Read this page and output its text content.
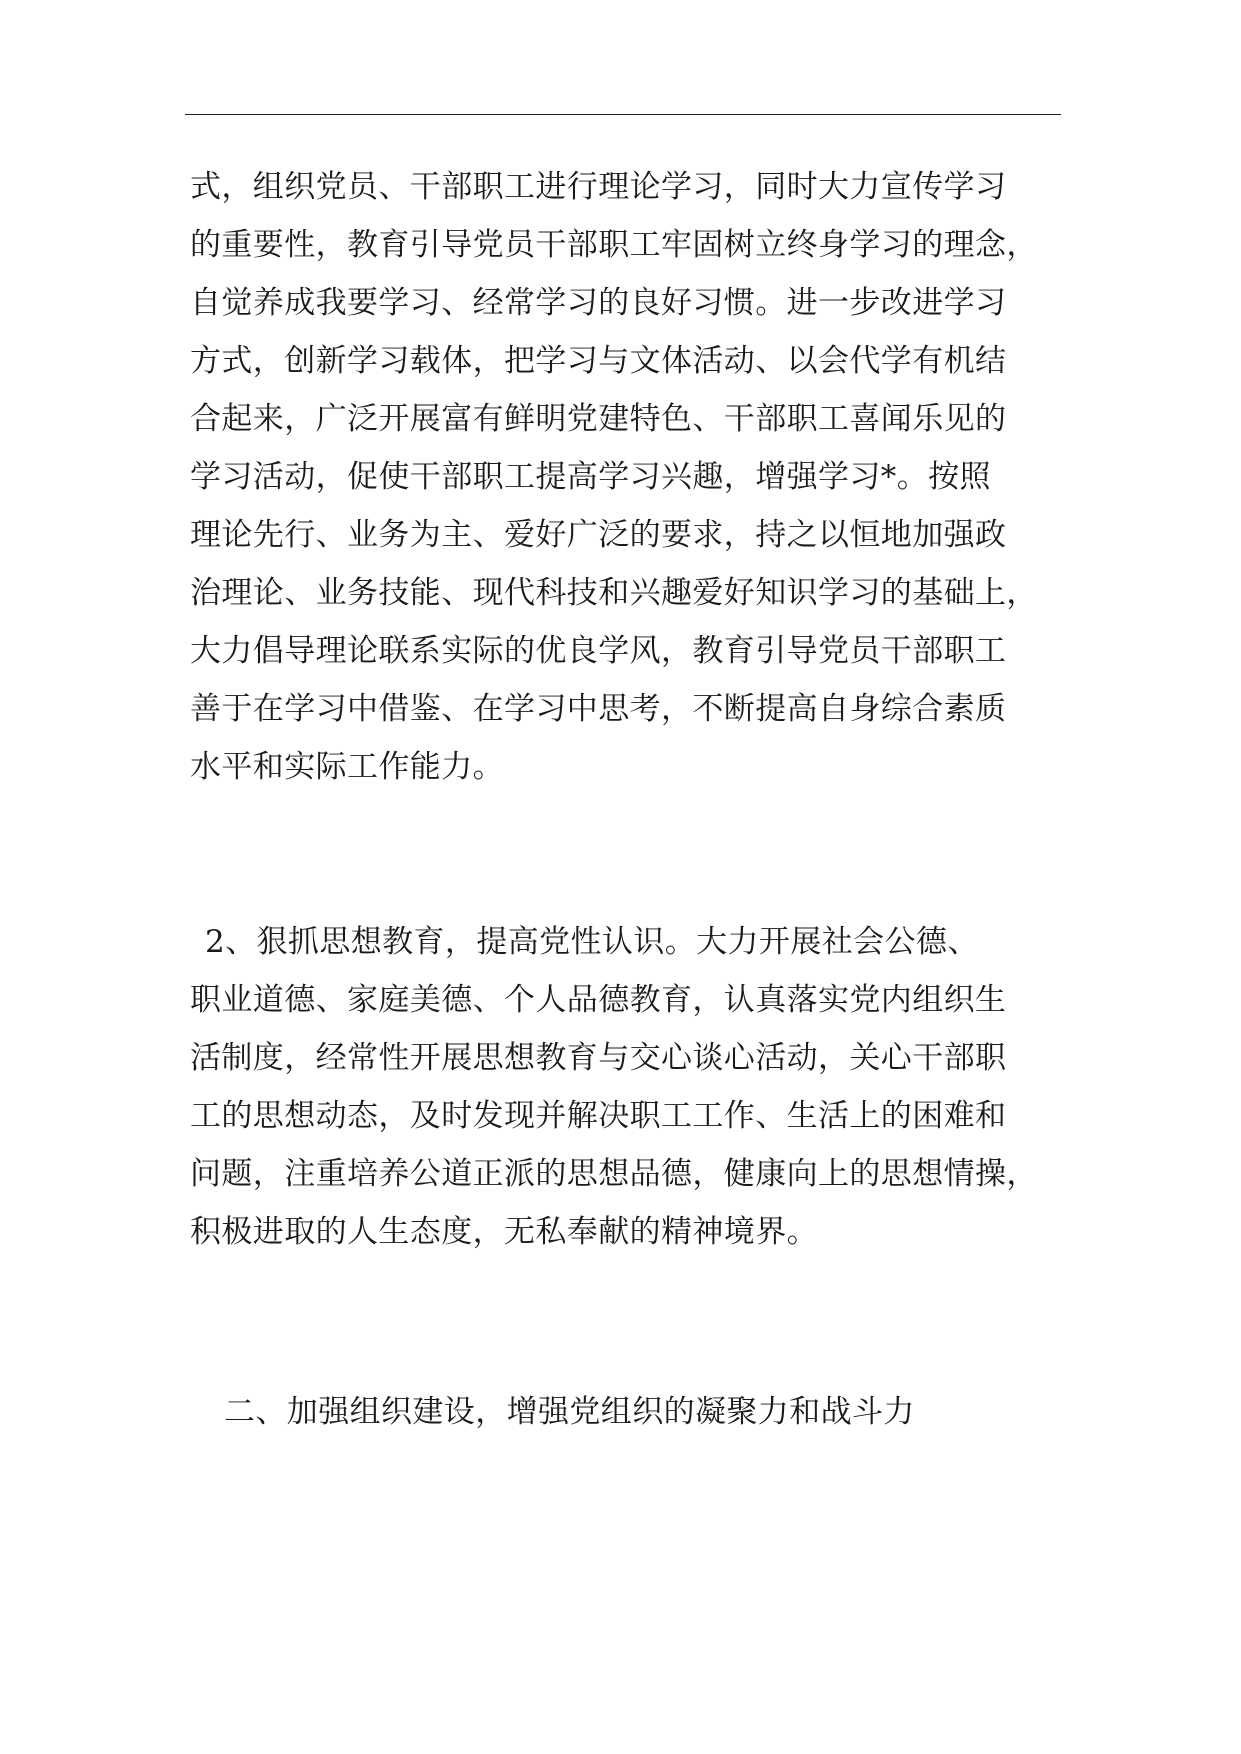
式，组织党员、干部职工进行理论学习，同时大力宣传学习
的重要性，教育引导党员干部职工牢固树立终身学习的理念，
自觉养成我要学习、经常学习的良好习惯。进一步改进学习
方式，创新学习载体，把学习与文体活动、以会代学有机结
合起来，广泛开展富有鲜明党建特色、干部职工喜闻乐见的
学习活动，促使干部职工提高学习兴趣，增强学习*。按照
理论先行、业务为主、爱好广泛的要求，持之以恒地加强政
治理论、业务技能、现代科技和兴趣爱好知识学习的基础上，
大力倡导理论联系实际的优良学风，教育引导党员干部职工
善于在学习中借鉴、在学习中思考，不断提高自身综合素质
水平和实际工作能力。

2、狠抓思想教育，提高党性认识。大力开展社会公德、
职业道德、家庭美德、个人品德教育，认真落实党内组织生
活制度，经常性开展思想教育与交心谈心活动，关心干部职
工的思想动态，及时发现并解决职工工作、生活上的困难和
问题，注重培养公道正派的思想品德，健康向上的思想情操，
积极进取的人生态度，无私奉献的精神境界。

二、加强组织建设，增强党组织的凝聚力和战斗力
